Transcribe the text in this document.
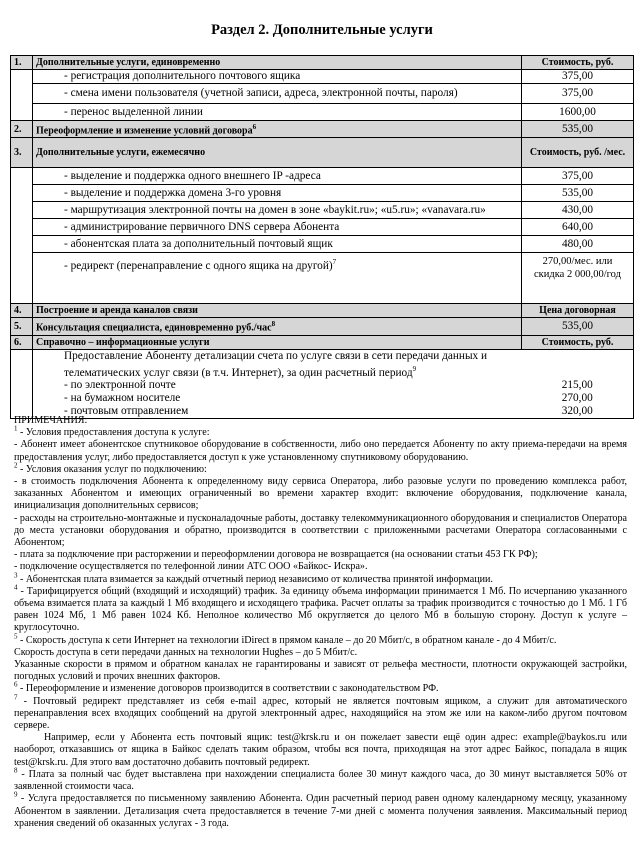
Раздел 2. Дополнительные услуги
1.	Дополнительные услуги, единовременно	Стоимость, руб.
	- регистрация дополнительного почтового ящика	375,00
	- смена имени пользователя (учетной записи, адреса, электронной почты, пароля)	375,00
	- перенос выделенной линии	1600,00
2.	Переоформление и изменение условий договора$^6$	535,00
3.	Дополнительные услуги, ежемесячно	Стоимость, руб. /мес.
	- выделение и поддержка одного внешнего IP -адреса	375,00
	- выделение и поддержка домена 3-го уровня	535,00
	- маршрутизация электронной почты на домен в зоне «baykit.ru»; «u5.ru»; «vanavara.ru»	430,00
	- администрирование первичного DNS сервера Абонента	640,00
	- абонентская плата за дополнительный почтовый ящик	480,00
	- редирект (перенаправление с одного ящика на другой)$^7$	270,00/мес. или
скидка 2 000,00/год

4.	Построение и аренда каналов связи	Цена договорная
5.	Консультация специалиста, единовременно руб./час$^8$	535,00
6.	Справочно – информационные услуги	Стоимость, руб.
	Предоставление Абоненту детализации счета по услуге связи в сети передачи данных и телематических услуг связи (в т.ч. Интернет), за один расчетный период$^9$
	- по электронной почте	215,00
	- на бумажном носителе	270,00
	- почтовым отправлением	320,00

ПРИМЕЧАНИЯ:

$^1$ - Условия предоставления доступа к услуге:

- Абонент имеет абонентское спутниковое оборудование в собственности, либо оно передается Абоненту по акту приема-передачи на время предоставления услуг, либо предоставляется доступ к уже установленному спутниковому оборудованию.

$^2$ - Условия оказания услуг по подключению:

- в стоимость подключения Абонента к определенному виду сервиса Оператора, либо разовые услуги по проведению комплекса работ, заказанных Абонентом и имеющих ограниченный во времени характер входит: включение оборудования, подключение канала, инициализация дополнительных сервисов;

- расходы на строительно-монтажные и пусконаладочные работы, доставку телекоммуникационного оборудования и специалистов Оператора до места установки оборудования и обратно, производится в соответствии с приложенными расчетами Оператора согласованными с Абонентом;

- плата за подключение при расторжении и переоформлении договора не возвращается (на основании статьи 453 ГК РФ);

- подключение осуществляется по телефонной линии АТС ООО «Байкос- Искра».

$^3$ - Абонентская плата взимается за каждый отчетный период независимо от количества принятой информации.

$^4$ - Тарифицируется общий (входящий и исходящий) трафик. За единицу объема информации принимается 1 Мб. По исчерпанию указанного объема взимается плата за каждый 1 Мб входящего и исходящего трафика. Расчет оплаты за трафик производится с точностью до 1 Мб. 1 Гб равен 1024 Мб, 1 Мб равен 1024 Кб. Неполное количество Мб округляется до целого Мб в большую сторону. Доступ к услуге – круглосуточно.

$^5$ - Скорость доступа к сети Интернет на технологии iDirect в прямом канале – до 20 Мбит/с, в обратном канале - до 4 Мбит/с.

Скорость доступа в сети передачи данных на технологии Hughes – до 5 Мбит/с.

Указанные скорости в прямом и обратном каналах не гарантированы и зависят от рельефа местности, плотности окружающей застройки, погодных условий и прочих внешних факторов.

$^6$ - Переоформление и изменение договоров производится в соответствии с законодательством РФ.

$^7$ - Почтовый редирект представляет из себя e-mail адрес, который не является почтовым ящиком, а служит для автоматического перенаправления всех входящих сообщений на другой электронный адрес, находящийся на этом же или на каком-либо другом почтовом сервере.

Например, если у Абонента есть почтовый ящик: test@krsk.ru и он пожелает завести ещё один адрес: example@baykos.ru или наоборот, отказавшись от ящика в Байкос сделать таким образом, чтобы вся почта, приходящая на этот адрес Байкос, попадала в ящик test@krsk.ru. Для этого вам достаточно добавить почтовый редирект.

$^8$ - Плата за полный час будет выставлена при нахождении специалиста более 30 минут каждого часа, до 30 минут выставляется 50% от заявленной стоимости часа.

$^9$ - Услуга предоставляется по письменному заявлению Абонента. Один расчетный период равен одному календарному месяцу, указанному Абонентом в заявлении. Детализация счета предоставляется в течение 7-ми дней с момента получения заявления. Максимальный период хранения сведений об оказанных услугах - 3 года.
